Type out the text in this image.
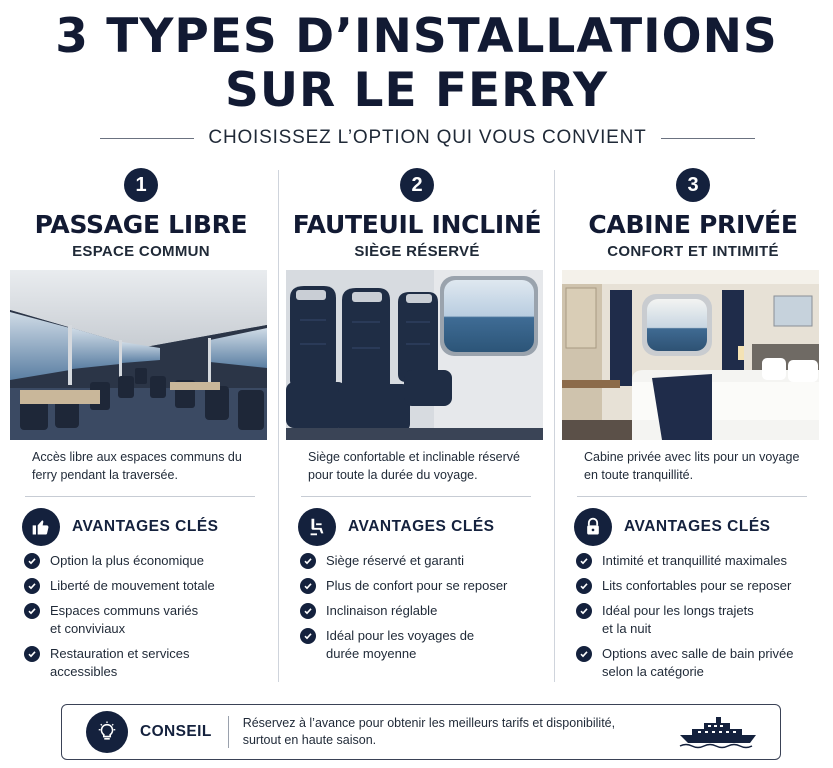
3 TYPES D’INSTALLATIONS
SUR LE FERRY
CHOISISSEZ L’OPTION QUI VOUS CONVIENT
1
PASSAGE LIBRE
ESPACE COMMUN
Accès libre aux espaces communs du ferry pendant la traversée.
AVANTAGES CLÉS
Option la plus économique
Liberté de mouvement totale
Espaces communs variés et conviviaux
Restauration et services accessibles
2
FAUTEUIL INCLINÉ
SIÈGE RÉSERVÉ
Siège confortable et inclinable réservé pour toute la durée du voyage.
AVANTAGES CLÉS
Siège réservé et garanti
Plus de confort pour se reposer
Inclinaison réglable
Idéal pour les voyages de durée moyenne
3
CABINE PRIVÉE
CONFORT ET INTIMITÉ
Cabine privée avec lits pour un voyage en toute tranquillité.
AVANTAGES CLÉS
Intimité et tranquillité maximales
Lits confortables pour se reposer
Idéal pour les longs trajets et la nuit
Options avec salle de bain privée selon la catégorie
CONSEIL Réservez à l’avance pour obtenir les meilleurs tarifs et disponibilité, surtout en haute saison.
